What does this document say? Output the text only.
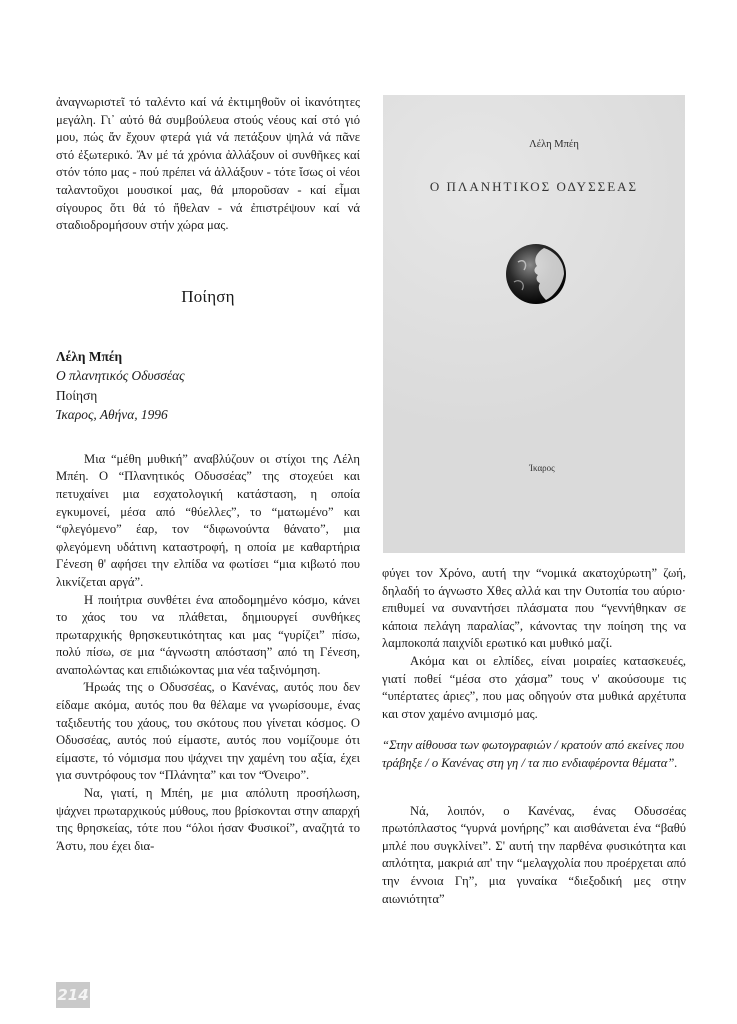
ἀναγνωριστεῖ τό ταλέντο καί νά ἐκτιμηθοῦν οἱ ἱκανότητες μεγάλη. Γι᾽ αὐτό θά συμβούλευα στούς νέους καί στό γιό μου, πώς ἄν ἔχουν φτερά γιά νά πετάξουν ψηλά νά πᾶνε στό ἐξωτερικό. Ἄν μέ τά χρόνια ἀλλάξουν οἱ συνθῆκες καί στόν τόπο μας - πού πρέπει νά ἀλλάξουν - τότε ἴσως οἱ νέοι ταλαντοῦχοι μουσικοί μας, θά μποροῦσαν - καί εἶμαι σίγουρος ὅτι θά τό ἤθελαν - νά ἐπιστρέψουν καί νά σταδιοδρομήσουν στήν χώρα μας.

Ποίηση
Λέλη Μπέη
Ο πλανητικός Οδυσσέας
Ποίηση
Ίκαρος, Αθήνα, 1996

Μια “μέθη μυθική” αναβλύζουν οι στίχοι της Λέλη Μπέη. Ο “Πλανητικός Οδυσσέας” της στοχεύει και πετυχαίνει μια εσχατολογική κατάσταση, η οποία εγκυμονεί, μέσα από “θύελλες”, το “ματωμένο” και “φλεγόμενο” έαρ, τον “διφωνούντα θάνατο”, μια φλεγόμενη υδάτινη καταστροφή, η οποία με καθαρτήρια Γένεση θ' αφήσει την ελπίδα να φωτίσει “μια κιβωτό που λικνίζεται αργά”.

Η ποιήτρια συνθέτει ένα αποδομημένο κόσμο, κάνει το χάος του να πλάθεται, δημιουργεί συνθήκες πρωταρχικής θρησκευτικότητας και μας “γυρίζει” πίσω, πολύ πίσω, σε μια “άγνωστη απόσταση” από τη Γένεση, αναπολώντας και επιδιώκοντας μια νέα ταξινόμηση.

Ήρωάς της ο Οδυσσέας, ο Κανένας, αυτός που δεν είδαμε ακόμα, αυτός που θα θέλαμε να γνωρίσουμε, ένας ταξιδευτής του χάους, του σκότους που γίνεται κόσμος. Ο Οδυσσέας, αυτός πού είμαστε, αυτός που νομίζουμε ότι είμαστε, τό νόμισμα που ψάχνει την χαμένη του αξία, έχει για συντρόφους τον “Πλάνητα” και τον “Όνειρο”.

Να, γιατί, η Μπέη, με μια απόλυτη προσήλωση, ψάχνει πρωταρχικούς μύθους, που βρίσκονται στην απαρχή της θρησκείας, τότε που “όλοι ήσαν Φυσικοί”, αναζητά το Άστυ, που έχει δια-

Λέλη Μπέη
Ο ΠΛΑΝΗΤΙΚΟΣ ΟΔΥΣΣΕΑΣ
Ίκαρος

φύγει τον Χρόνο, αυτή την “νομικά ακατοχύρωτη” ζωή, δηλαδή το άγνωστο Χθες αλλά και την Ουτοπία του αύριο· επιθυμεί να συναντήσει πλάσματα που “γεννήθηκαν σε κάποια πελάγη παραλίας”, κάνοντας την ποίηση της να λαμποκοπά παιχνίδι ερωτικό και μυθικό μαζί.

Ακόμα και οι ελπίδες, είναι μοιραίες κατασκευές, γιατί ποθεί “μέσα στο χάσμα” τους ν' ακούσουμε τις “υπέρτατες άριες”, που μας οδηγούν στα μυθικά αρχέτυπα και στον χαμένο ανιμισμό μας.

“Στην αίθουσα των φωτογραφιών / κρατούν από εκείνες που τράβηξε / ο Κανένας στη γη / τα πιο ενδιαφέροντα θέματα”.

Νά, λοιπόν, ο Κανένας, ένας Οδυσσέας πρωτόπλαστος “γυρνά μονήρης” και αισθάνεται ένα “βαθύ μπλέ που συγκλίνει”. Σ' αυτή την παρθένα φυσικότητα και απλότητα, μακριά απ' την “μελαγχολία που προέρχεται από την έννοια Γη”, μια γυναίκα “διεξοδική μες στην αιωνιότητα”

214
